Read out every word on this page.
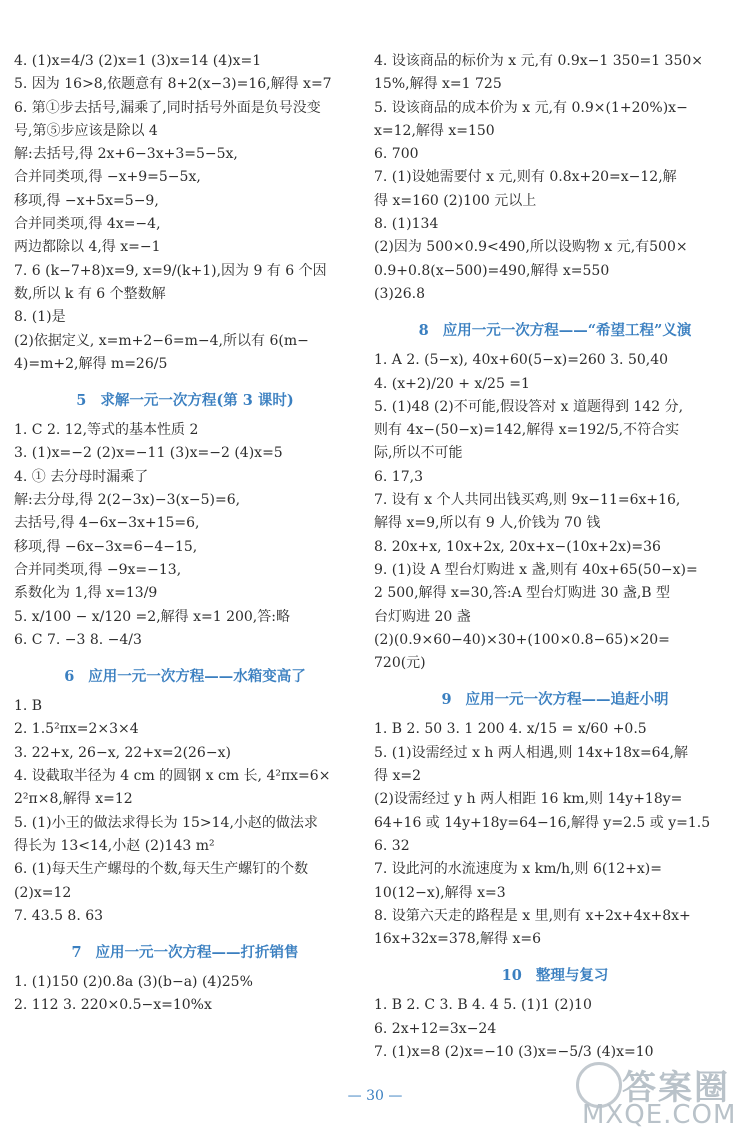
4. (1)x=4/3 (2)x=1 (3)x=14 (4)x=1
5. 因为 16>8,依题意有 8+2(x−3)=16,解得 x=7
6. 第①步去括号,漏乘了,同时括号外面是负号没变
号,第⑤步应该是除以 4
解:去括号,得 2x+6−3x+3=5−5x,
合并同类项,得 −x+9=5−5x,
移项,得 −x+5x=5−9,
合并同类项,得 4x=−4,
两边都除以 4,得 x=−1
7. 6 (k−7+8)x=9, x=9/(k+1),因为 9 有 6 个因
数,所以 k 有 6 个整数解
8. (1)是
(2)依据定义, x=m+2−6=m−4,所以有 6(m−
4)=m+2,解得 m=26/5
5 求解一元一次方程(第 3 课时)
1. C 2. 12,等式的基本性质 2
3. (1)x=−2 (2)x=−11 (3)x=−2 (4)x=5
4. ① 去分母时漏乘了
解:去分母,得 2(2−3x)−3(x−5)=6,
去括号,得 4−6x−3x+15=6,
移项,得 −6x−3x=6−4−15,
合并同类项,得 −9x=−13,
系数化为 1,得 x=13/9
5. x/100 − x/120 =2,解得 x=1 200,答:略
6. C 7. −3 8. −4/3
6 应用一元一次方程——水箱变高了
1. B
2. 1.5²πx=2×3×4
3. 22+x, 26−x, 22+x=2(26−x)
4. 设截取半径为 4 cm 的圆钢 x cm 长, 4²πx=6×
2²π×8,解得 x=12
5. (1)小王的做法求得长为 15>14,小赵的做法求
得长为 13<14,小赵 (2)143 m²
6. (1)每天生产螺母的个数,每天生产螺钉的个数
(2)x=12
7. 43.5 8. 63
7 应用一元一次方程——打折销售
1. (1)150 (2)0.8a (3)(b−a) (4)25%
2. 112 3. 220×0.5−x=10%x
4. 设该商品的标价为 x 元,有 0.9x−1 350=1 350×
15%,解得 x=1 725
5. 设该商品的成本价为 x 元,有 0.9×(1+20%)x−
x=12,解得 x=150
6. 700
7. (1)设她需要付 x 元,则有 0.8x+20=x−12,解
得 x=160 (2)100 元以上
8. (1)134
(2)因为 500×0.9<490,所以设购物 x 元,有500×
0.9+0.8(x−500)=490,解得 x=550
(3)26.8
8 应用一元一次方程——“希望工程”义演
1. A 2. (5−x), 40x+60(5−x)=260 3. 50,40
4. (x+2)/20 + x/25 =1
5. (1)48 (2)不可能,假设答对 x 道题得到 142 分,
则有 4x−(50−x)=142,解得 x=192/5,不符合实
际,所以不可能
6. 17,3
7. 设有 x 个人共同出钱买鸡,则 9x−11=6x+16,
解得 x=9,所以有 9 人,价钱为 70 钱
8. 20x+x, 10x+2x, 20x+x−(10x+2x)=36
9. (1)设 A 型台灯购进 x 盏,则有 40x+65(50−x)=
2 500,解得 x=30,答:A 型台灯购进 30 盏,B 型
台灯购进 20 盏
(2)(0.9×60−40)×30+(100×0.8−65)×20=
720(元)
9 应用一元一次方程——追赶小明
1. B 2. 50 3. 1 200 4. x/15 = x/60 +0.5
5. (1)设需经过 x h 两人相遇,则 14x+18x=64,解
得 x=2
(2)设需经过 y h 两人相距 16 km,则 14y+18y=
64+16 或 14y+18y=64−16,解得 y=2.5 或 y=1.5
6. 32
7. 设此河的水流速度为 x km/h,则 6(12+x)=
10(12−x),解得 x=3
8. 设第六天走的路程是 x 里,则有 x+2x+4x+8x+
16x+32x=378,解得 x=6
10 整理与复习
1. B 2. C 3. B 4. 4 5. (1)1 (2)10
6. 2x+12=3x−24
7. (1)x=8 (2)x=−10 (3)x=−5/3 (4)x=10
— 30 —	答案圈
MXQE.COM
